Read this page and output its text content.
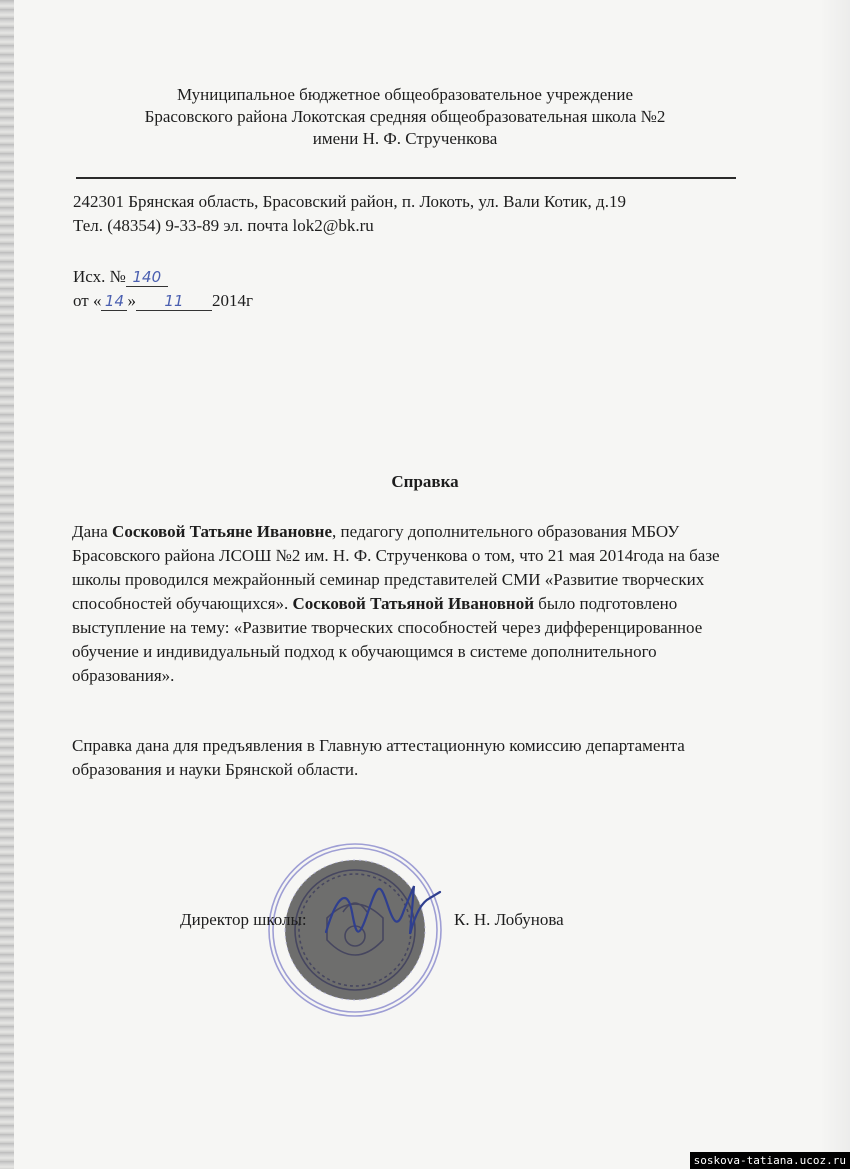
Муниципальное бюджетное общеобразовательное учреждение
Брасовского района Локотская средняя общеобразовательная школа №2
имени Н. Ф. Струченкова
242301 Брянская область, Брасовский район, п. Локоть, ул. Вали Котик, д.19
Тел. (48354) 9-33-89 эл. почта lok2@bk.ru
Исх. № 140
от « 14 » 11 2014г
Справка
Дана Сосковой Татьяне Ивановне, педагогу дополнительного образования МБОУ Брасовского района ЛСОШ №2 им. Н. Ф. Струченкова о том, что 21 мая 2014года на базе школы проводился межрайонный семинар представителей СМИ «Развитие творческих способностей обучающихся». Сосковой Татьяной Ивановной было подготовлено выступление на тему: «Развитие творческих способностей через дифференцированное обучение и индивидуальный подход к обучающимся в системе дополнительного образования».
Справка дана для предъявления в Главную аттестационную комиссию департамента образования и науки Брянской области.
Директор школы:	К. Н. Лобунова
soskova-tatiana.ucoz.ru
